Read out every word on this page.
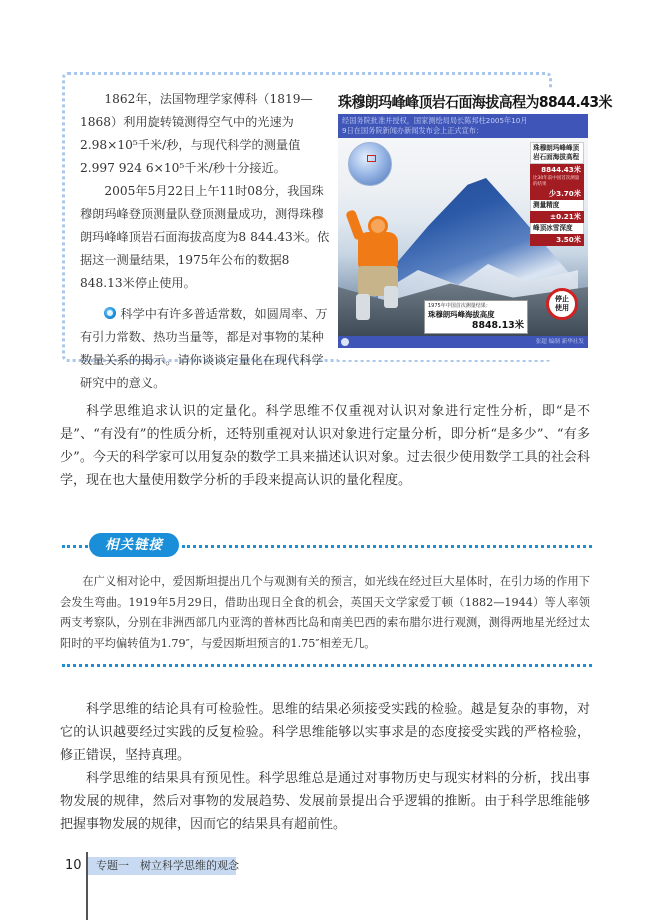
1862年，法国物理学家傅科（1819—1868）利用旋转镜测得空气中的光速为2.98×10⁵千米/秒，与现代科学的测量值2.997 924 6×10⁵千米/秒十分接近。

2005年5月22日上午11时08分，我国珠穆朗玛峰登顶测量队登顶测量成功，测得珠穆朗玛峰峰顶岩石面海拔高度为8 844.43米。依据这一测量结果，1975年公布的数据8 848.13米停止使用。

科学中有许多普适常数，如圆周率、万有引力常数、热功当量等，都是对事物的某种数量关系的揭示。请你谈谈定量化在现代科学研究中的意义。

珠穆朗玛峰峰顶岩石面海拔高程为8844.43米
经国务院批准并授权，国家测绘局局长陈邦柱2005年10月
9日在国务院新闻办新闻发布会上正式宣布：
珠穆朗玛峰峰顶岩石面海拔高程
8844.43米
比30年前中国首次测量的结果
少3.70米
测量精度
±0.21米
峰顶冰雪深度
3.50米
停止
使用
1975年中国首次测量结果：
珠穆朗玛峰海拔高度
8848.13米
张超 编制 新华社发

科学思维追求认识的定量化。科学思维不仅重视对认识对象进行定性分析，即“是不是”、“有没有”的性质分析，还特别重视对认识对象进行定量分析，即分析“是多少”、“有多少”。今天的科学家可以用复杂的数学工具来描述认识对象。过去很少使用数学工具的社会科学，现在也大量使用数学分析的手段来提高认识的量化程度。

相关链接

在广义相对论中，爱因斯坦提出几个与观测有关的预言，如光线在经过巨大星体时，在引力场的作用下会发生弯曲。1919年5月29日，借助出现日全食的机会，英国天文学家爱丁顿（1882—1944）等人率领两支考察队，分别在非洲西部几内亚湾的普林西比岛和南美巴西的索布腊尔进行观测，测得两地星光经过太阳时的平均偏转值为1.79″，与爱因斯坦预言的1.75″相差无几。

科学思维的结论具有可检验性。思维的结果必须接受实践的检验。越是复杂的事物，对它的认识越要经过实践的反复检验。科学思维能够以实事求是的态度接受实践的严格检验，修正错误，坚持真理。

科学思维的结果具有预见性。科学思维总是通过对事物历史与现实材料的分析，找出事物发展的规律，然后对事物的发展趋势、发展前景提出合乎逻辑的推断。由于科学思维能够把握事物发展的规律，因而它的结果具有超前性。

10	专题一　树立科学思维的观念
